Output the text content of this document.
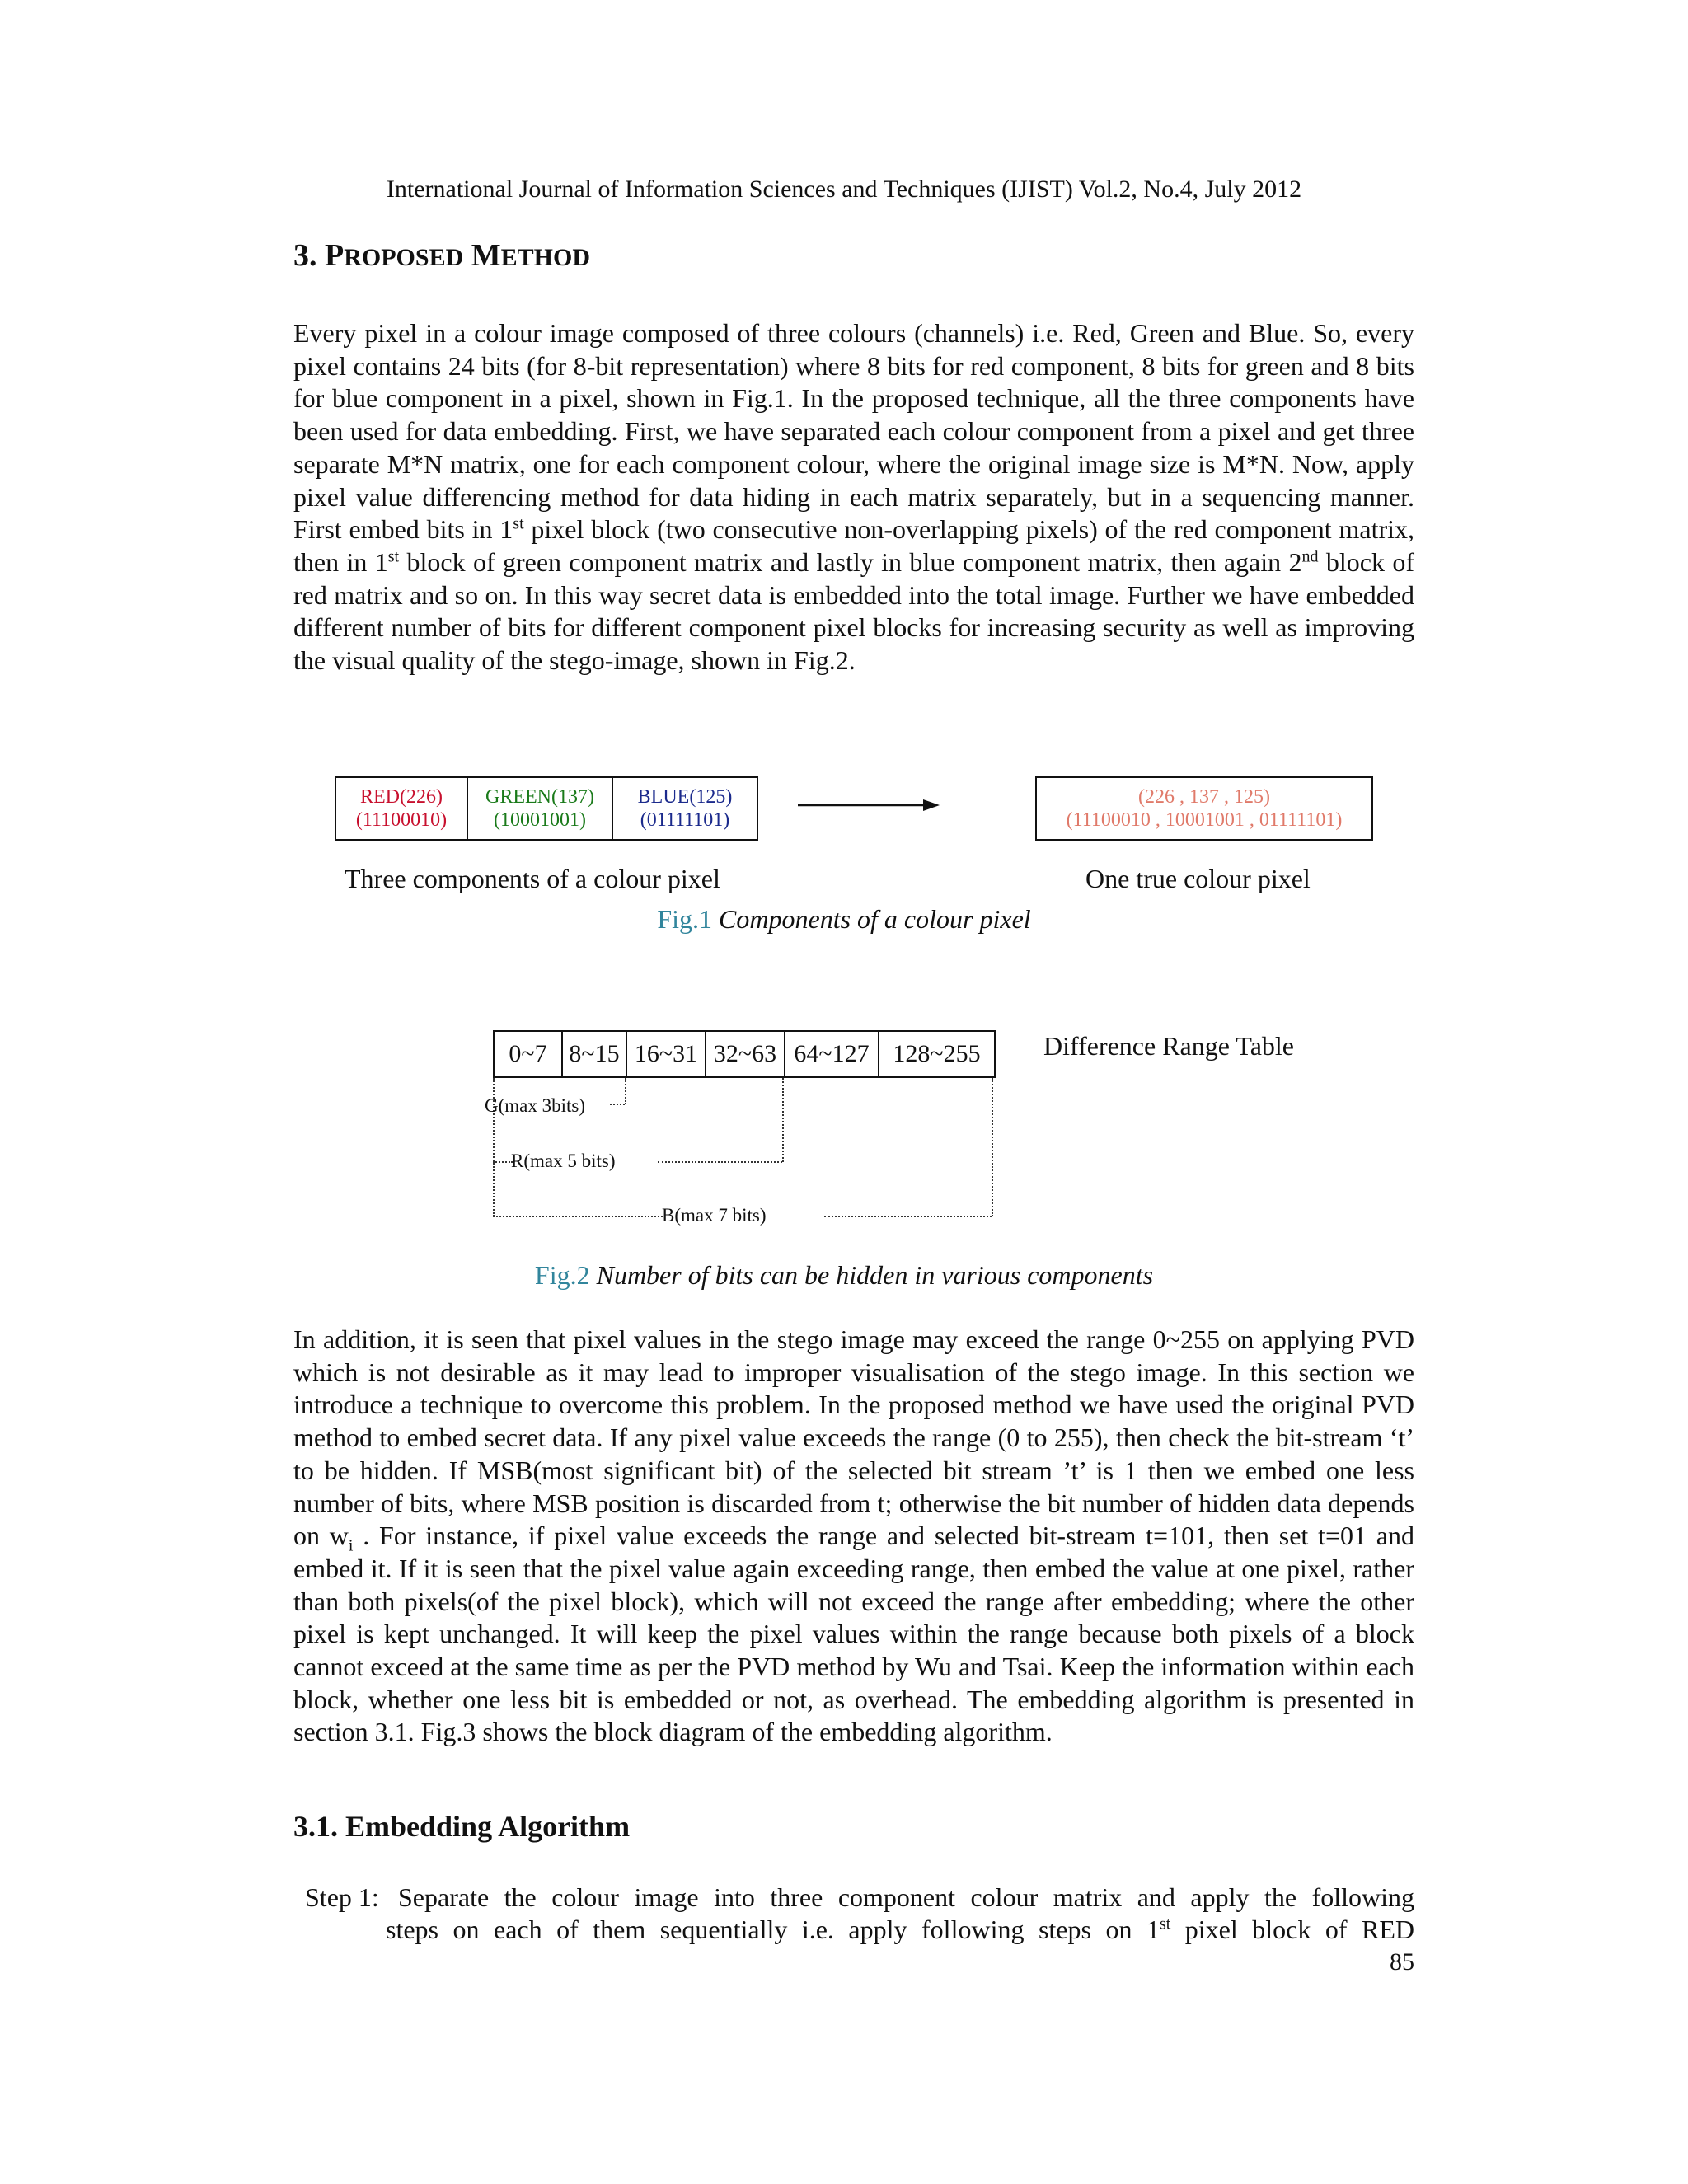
International Journal of Information Sciences and Techniques (IJIST) Vol.2, No.4, July 2012
3. PROPOSED METHOD
Every pixel in a colour image composed of three colours (channels) i.e. Red, Green and Blue. So, every pixel contains 24 bits (for 8-bit representation) where 8 bits for red component, 8 bits for green and 8 bits for blue component in a pixel, shown in Fig.1. In the proposed technique, all the three components have been used for data embedding. First, we have separated each colour component from a pixel and get three separate M*N matrix, one for each component colour, where the original image size is M*N. Now, apply pixel value differencing method for data hiding in each matrix separately, but in a sequencing manner. First embed bits in 1st pixel block (two consecutive non-overlapping pixels) of the red component matrix, then in 1st block of green component matrix and lastly in blue component matrix, then again 2nd block of red matrix and so on. In this way secret data is embedded into the total image. Further we have embedded different number of bits for different component pixel blocks for increasing security as well as improving the visual quality of the stego-image, shown in Fig.2.
RED(226)
(11100010)
GREEN(137)
(10001001)
BLUE(125)
(01111101)
(226 , 137 , 125)
(11100010 , 10001001 , 01111101)
Three components of a colour pixel	One true colour pixel
Fig.1 Components of a colour pixel
0~7 8~15 16~31 32~63 64~127 128~255	Difference Range Table
G(max 3bits)
R(max 5 bits)
B(max 7 bits)
Fig.2 Number of bits can be hidden in various components
In addition, it is seen that pixel values in the stego image may exceed the range 0~255 on applying PVD which is not desirable as it may lead to improper visualisation of the stego image. In this section we introduce a technique to overcome this problem. In the proposed method we have used the original PVD method to embed secret data. If any pixel value exceeds the range (0 to 255), then check the bit-stream ‘t’ to be hidden. If MSB(most significant bit) of the selected bit stream ’t’ is 1 then we embed one less number of bits, where MSB position is discarded from t; otherwise the bit number of hidden data depends on $w_i$ . For instance, if pixel value exceeds the range and selected bit-stream t=101, then set t=01 and embed it. If it is seen that the pixel value again exceeding range, then embed the value at one pixel, rather than both pixels(of the pixel block), which will not exceed the range after embedding; where the other pixel is kept unchanged. It will keep the pixel values within the range because both pixels of a block cannot exceed at the same time as per the PVD method by Wu and Tsai. Keep the information within each block, whether one less bit is embedded or not, as overhead. The embedding algorithm is presented in section 3.1. Fig.3 shows the block diagram of the embedding algorithm.
3.1. Embedding Algorithm
Step 1: Separate the colour image into three component colour matrix and apply the following
steps on each of them sequentially i.e. apply following steps on 1st pixel block of RED
85
